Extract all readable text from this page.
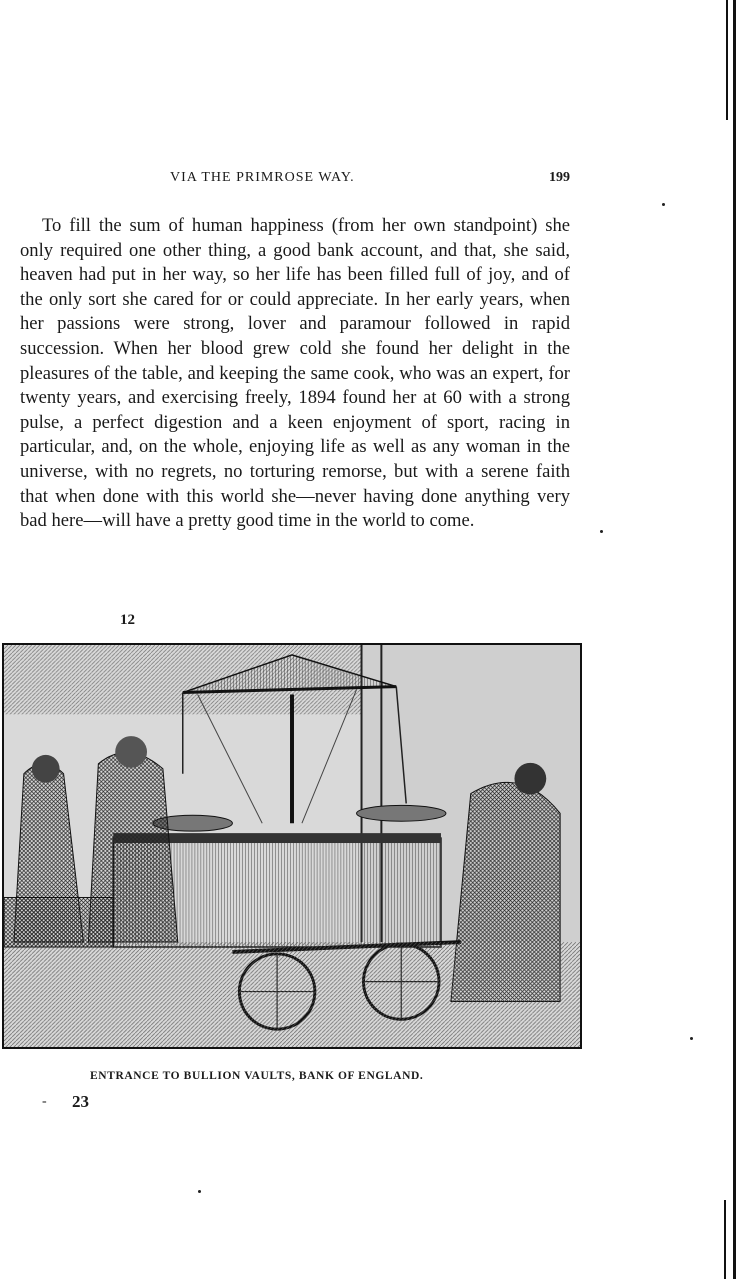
VIA THE PRIMROSE WAY.	199

To fill the sum of human happiness (from her own standpoint) she only required one other thing, a good bank account, and that, she said, heaven had put in her way, so her life has been filled full of joy, and of the only sort she cared for or could appreciate. In her early years, when her passions were strong, lover and paramour followed in rapid succession. When her blood grew cold she found her delight in the pleasures of the table, and keeping the same cook, who was an expert, for twenty years, and exercising freely, 1894 found her at 60 with a strong pulse, a perfect digestion and a keen enjoyment of sport, racing in particular, and, on the whole, enjoying life as well as any woman in the universe, with no regrets, no torturing remorse, but with a serene faith that when done with this world she—never having done anything very bad here—will have a pretty good time in the world to come.

12
ENTRANCE TO BULLION VAULTS, BANK OF ENGLAND.
- 23
